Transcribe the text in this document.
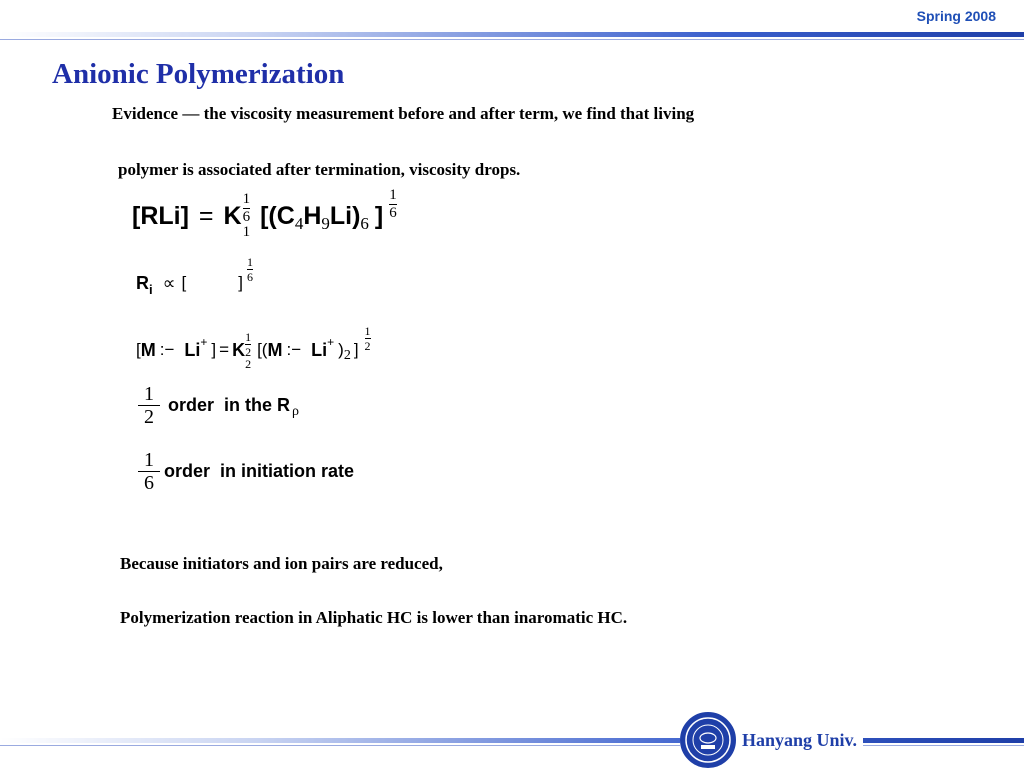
Spring 2008
Anionic Polymerization
Evidence — the viscosity measurement before and after term, we find that living
polymer is associated after termination, viscosity drops.
[RLi] = K $\frac{1}{6}$
1
[( C 4 H 9 Li ) 6 ] $\frac{1}{6}$
R i ∝ [	] $\frac{1}{6}$
[ M :− Li + ] = K $\frac{1}{2}$
2
[( M :− Li + ) 2 ] $\frac{1}{2}$
$\frac{1}{2}$ order  in the R ρ
$\frac{1}{6}$ order  in initiation rate
Because initiators and ion pairs are reduced,
Polymerization reaction in Aliphatic HC is lower than inaromatic HC.
Hanyang Univ.
